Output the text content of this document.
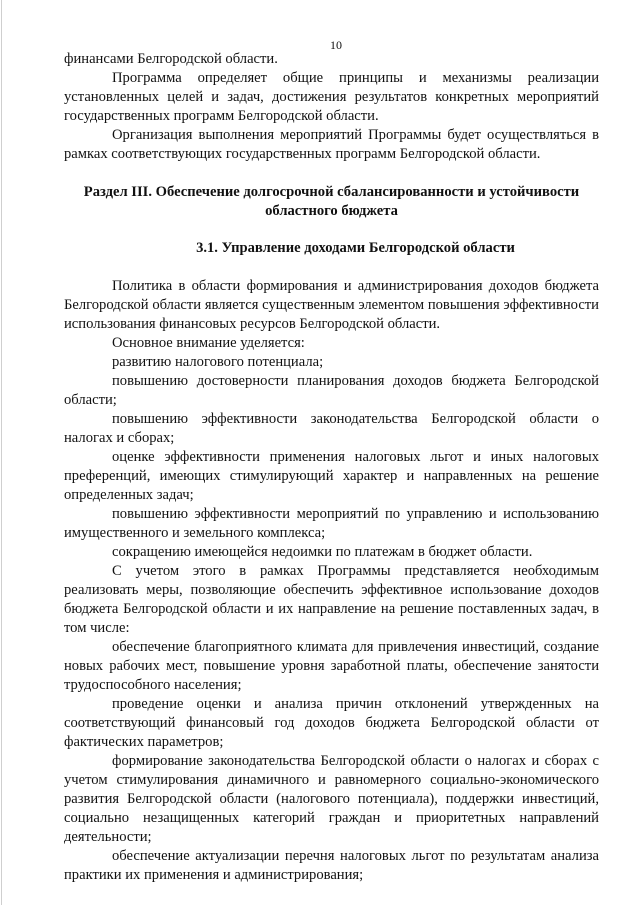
10

финансами Белгородской области.

Программа определяет общие принципы и механизмы реализации установленных целей и задач, достижения результатов конкретных мероприятий государственных программ Белгородской области.

Организация выполнения мероприятий Программы будет осуществляться в рамках соответствующих государственных программ Белгородской области.

Раздел III. Обеспечение долгосрочной сбалансированности и устойчивости областного бюджета
3.1. Управление доходами Белгородской области

Политика в области формирования и администрирования доходов бюджета Белгородской области является существенным элементом повышения эффективности использования финансовых ресурсов Белгородской области.

Основное внимание уделяется:

развитию налогового потенциала;

повышению достоверности планирования доходов бюджета Белгородской области;

повышению эффективности законодательства Белгородской области о налогах и сборах;

оценке эффективности применения налоговых льгот и иных налоговых преференций, имеющих стимулирующий характер и направленных на решение определенных задач;

повышению эффективности мероприятий по управлению и использованию имущественного и земельного комплекса;

сокращению имеющейся недоимки по платежам в бюджет области.

С учетом этого в рамках Программы представляется необходимым реализовать меры, позволяющие обеспечить эффективное использование доходов бюджета Белгородской области и их направление на решение поставленных задач, в том числе:

обеспечение благоприятного климата для привлечения инвестиций, создание новых рабочих мест, повышение уровня заработной платы, обеспечение занятости трудоспособного населения;

проведение оценки и анализа причин отклонений утвержденных на соответствующий финансовый год доходов бюджета Белгородской области от фактических параметров;

формирование законодательства Белгородской области о налогах и сборах с учетом стимулирования динамичного и равномерного социально-экономического развития Белгородской области (налогового потенциала), поддержки инвестиций, социально незащищенных категорий граждан и приоритетных направлений деятельности;

обеспечение актуализации перечня налоговых льгот по результатам анализа практики их применения и администрирования;
